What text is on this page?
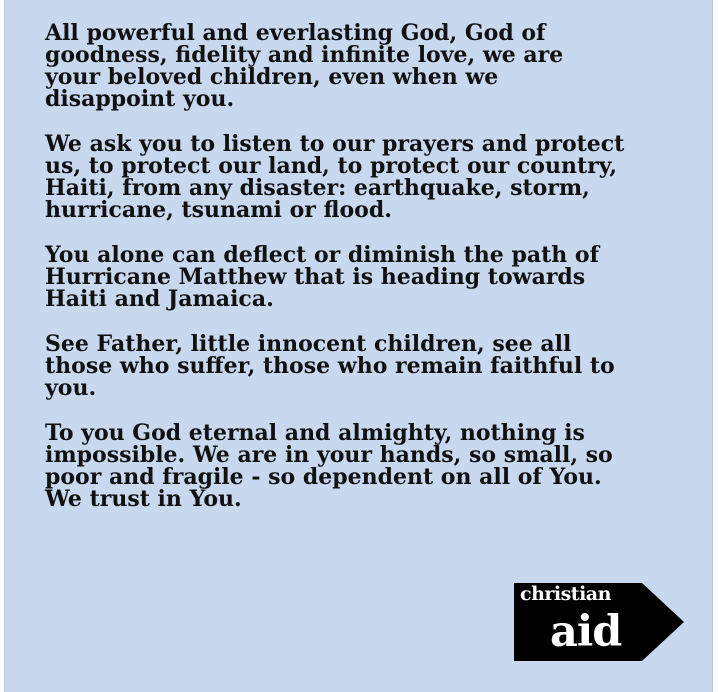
All powerful and everlasting God, God of
goodness, fidelity and infinite love, we are
your beloved children, even when we
disappoint you.

We ask you to listen to our prayers and protect
us, to protect our land, to protect our country,
Haiti, from any disaster: earthquake, storm,
hurricane, tsunami or flood.

You alone can deflect or diminish the path of
Hurricane Matthew that is heading towards
Haiti and Jamaica.

See Father, little innocent children, see all
those who suffer, those who remain faithful to
you.

To you God eternal and almighty, nothing is
impossible. We are in your hands, so small, so
poor and fragile - so dependent on all of You.
We trust in You.

christian
aid
